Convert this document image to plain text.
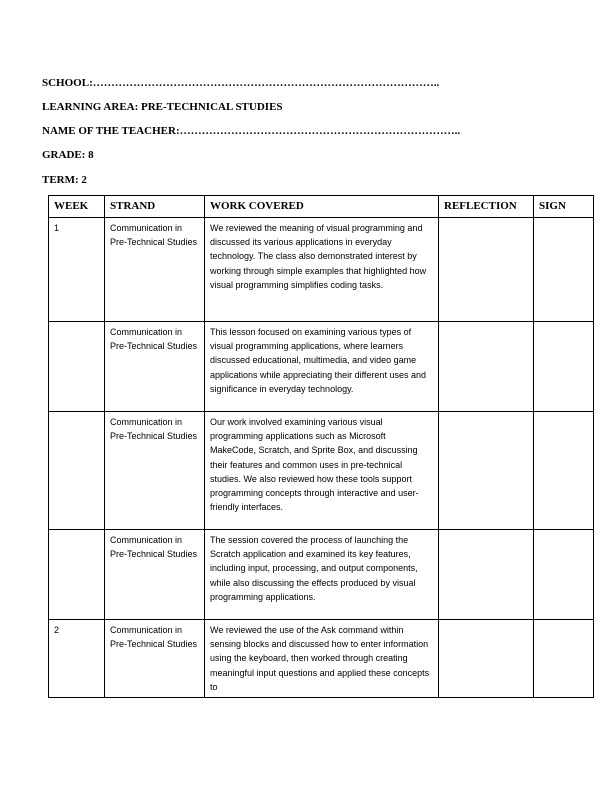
SCHOOL:…………………………………………………………………………………..
LEARNING AREA: PRE-TECHNICAL STUDIES
NAME OF THE TEACHER:…………………………………………………………………..
GRADE: 8
TERM: 2
WEEK	STRAND	WORK COVERED	REFLECTION	SIGN
1	Communication in Pre-Technical Studies	We reviewed the meaning of visual programming and discussed its various applications in everyday technology. The class also demonstrated interest by working through simple examples that highlighted how visual programming simplifies coding tasks.		
	Communication in Pre-Technical Studies	This lesson focused on examining various types of visual programming applications, where learners discussed educational, multimedia, and video game applications while appreciating their different uses and significance in everyday technology.		
	Communication in Pre-Technical Studies	Our work involved examining various visual programming applications such as Microsoft MakeCode, Scratch, and Sprite Box, and discussing their features and common uses in pre-technical studies. We also reviewed how these tools support programming concepts through interactive and user-friendly interfaces.		
	Communication in Pre-Technical Studies	The session covered the process of launching the Scratch application and examined its key features, including input, processing, and output components, while also discussing the effects produced by visual programming applications.		
2	Communication in Pre-Technical Studies	We reviewed the use of the Ask command within sensing blocks and discussed how to enter information using the keyboard, then worked through creating meaningful input questions and applied these concepts to		
